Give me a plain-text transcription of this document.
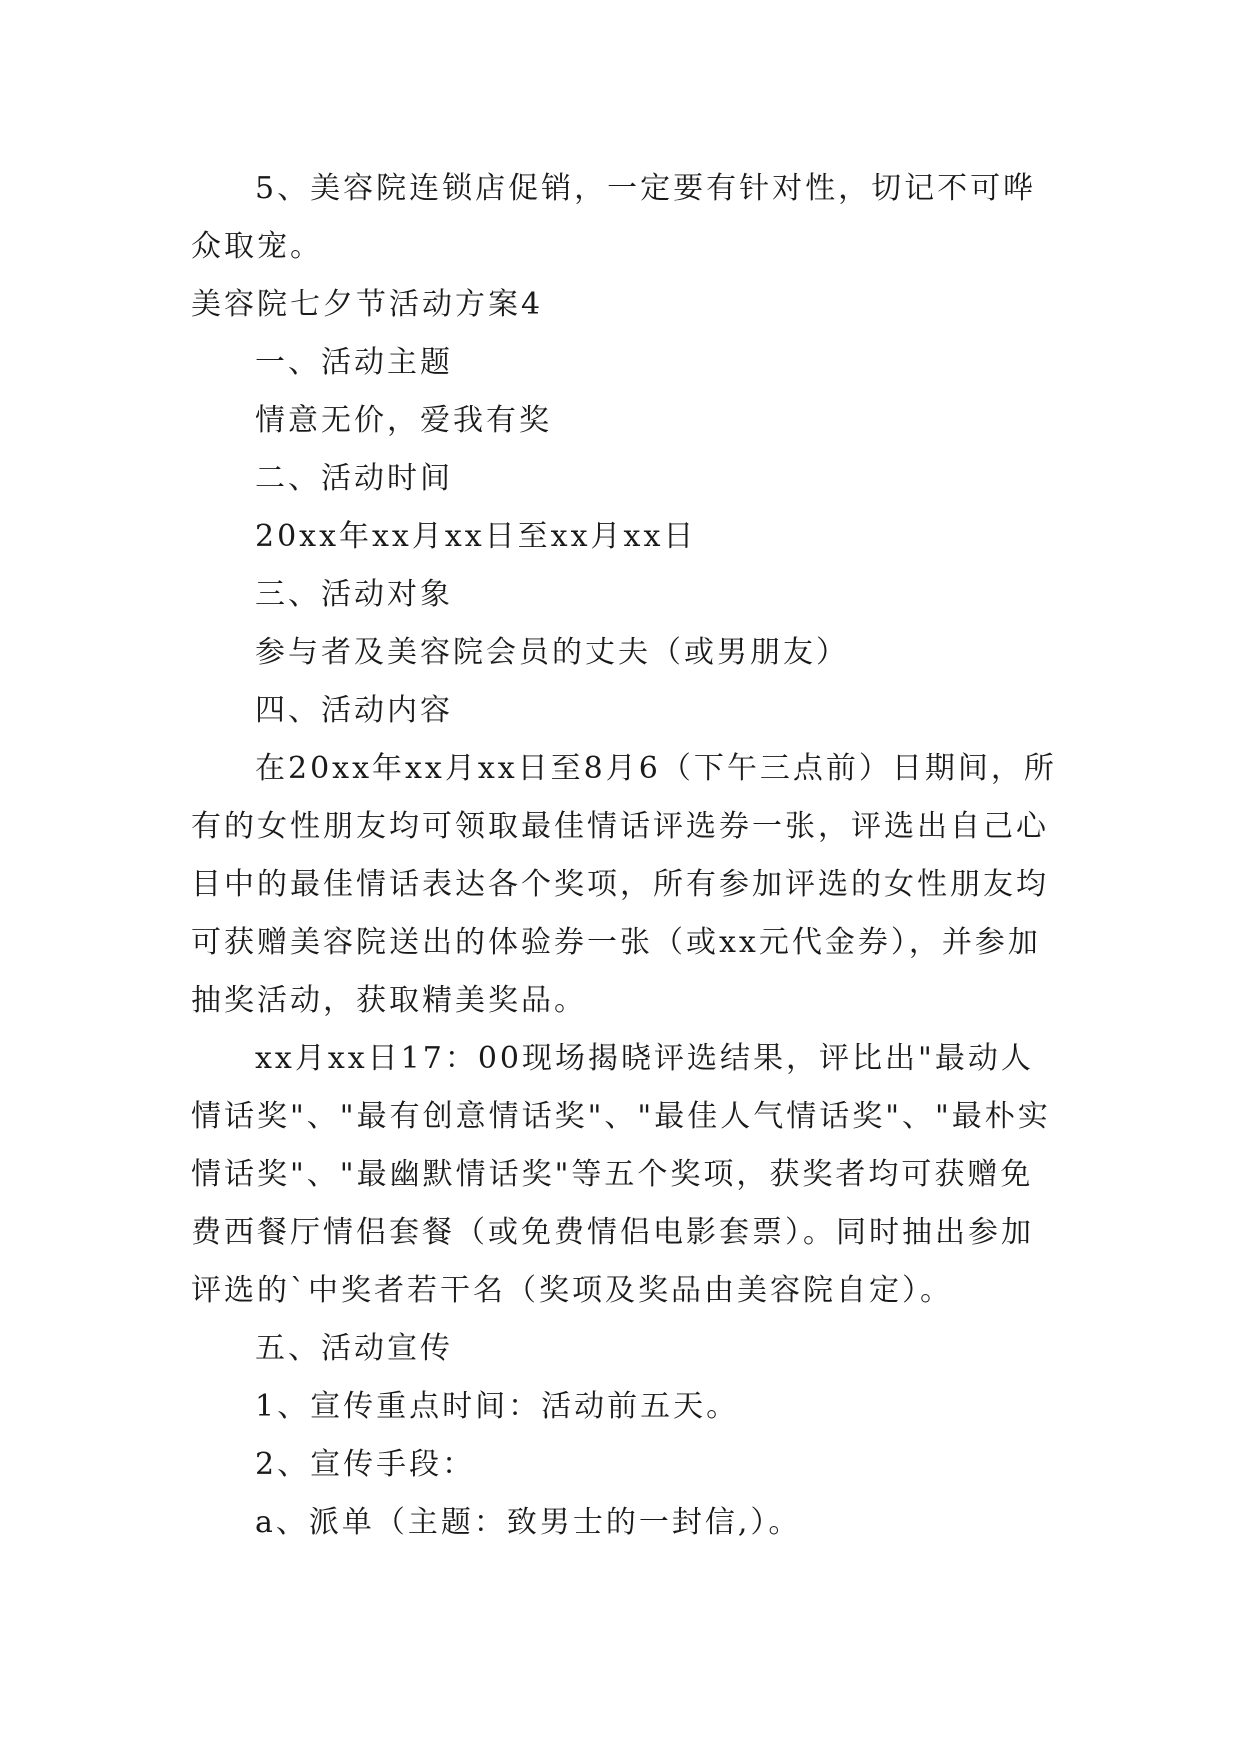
5、美容院连锁店促销，一定要有针对性，切记不可哗众取宠。

美容院七夕节活动方案4

一、活动主题

情意无价，爱我有奖

二、活动时间

20xx年xx月xx日至xx月xx日

三、活动对象

参与者及美容院会员的丈夫（或男朋友）

四、活动内容

在20xx年xx月xx日至8月6（下午三点前）日期间，所有的女性朋友均可领取最佳情话评选券一张，评选出自己心目中的最佳情话表达各个奖项，所有参加评选的女性朋友均可获赠美容院送出的体验券一张（或xx元代金券），并参加抽奖活动，获取精美奖品。

xx月xx日17：00现场揭晓评选结果，评比出"最动人情话奖"、"最有创意情话奖"、"最佳人气情话奖"、"最朴实情话奖"、"最幽默情话奖"等五个奖项，获奖者均可获赠免费西餐厅情侣套餐（或免费情侣电影套票）。同时抽出参加评选的`中奖者若干名（奖项及奖品由美容院自定）。

五、活动宣传

1、宣传重点时间：活动前五天。

2、宣传手段：

a、派单（主题：致男士的一封信,）。
